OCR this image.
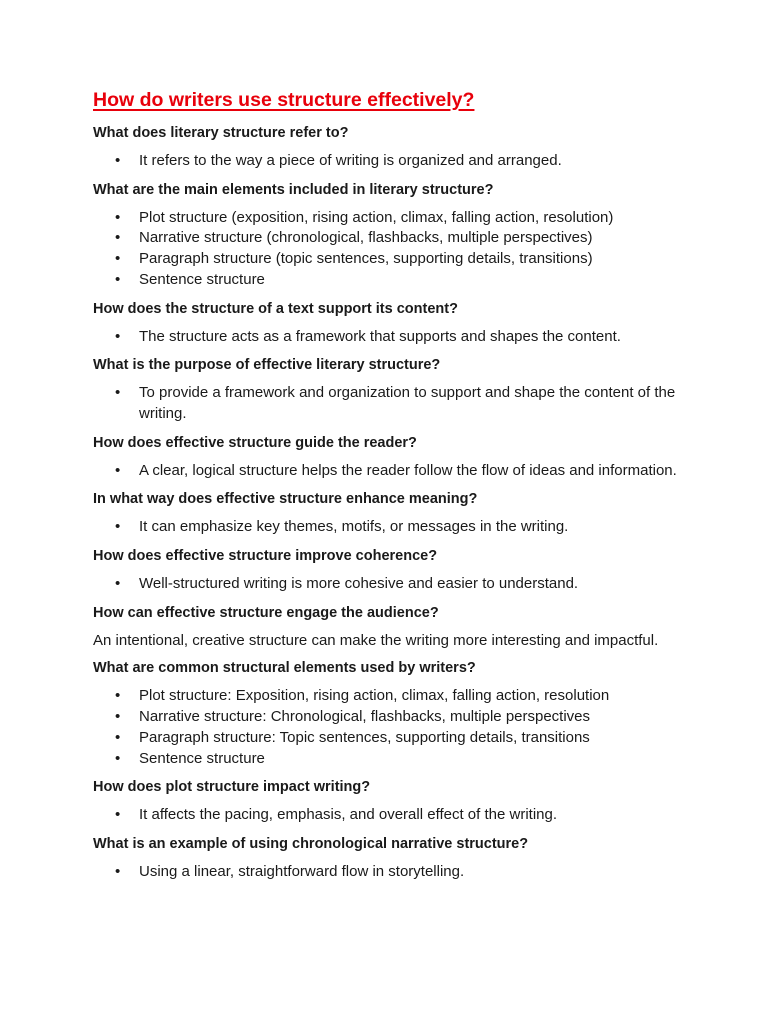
How do writers use structure effectively?
What does literary structure refer to?
• It refers to the way a piece of writing is organized and arranged.
What are the main elements included in literary structure?
• Plot structure (exposition, rising action, climax, falling action, resolution)
• Narrative structure (chronological, flashbacks, multiple perspectives)
• Paragraph structure (topic sentences, supporting details, transitions)
• Sentence structure
How does the structure of a text support its content?
• The structure acts as a framework that supports and shapes the content.
What is the purpose of effective literary structure?
• To provide a framework and organization to support and shape the content of the writing.
How does effective structure guide the reader?
• A clear, logical structure helps the reader follow the flow of ideas and information.
In what way does effective structure enhance meaning?
• It can emphasize key themes, motifs, or messages in the writing.
How does effective structure improve coherence?
• Well-structured writing is more cohesive and easier to understand.
How can effective structure engage the audience?

An intentional, creative structure can make the writing more interesting and impactful.

What are common structural elements used by writers?
• Plot structure: Exposition, rising action, climax, falling action, resolution
• Narrative structure: Chronological, flashbacks, multiple perspectives
• Paragraph structure: Topic sentences, supporting details, transitions
• Sentence structure
How does plot structure impact writing?
• It affects the pacing, emphasis, and overall effect of the writing.
What is an example of using chronological narrative structure?
• Using a linear, straightforward flow in storytelling.
